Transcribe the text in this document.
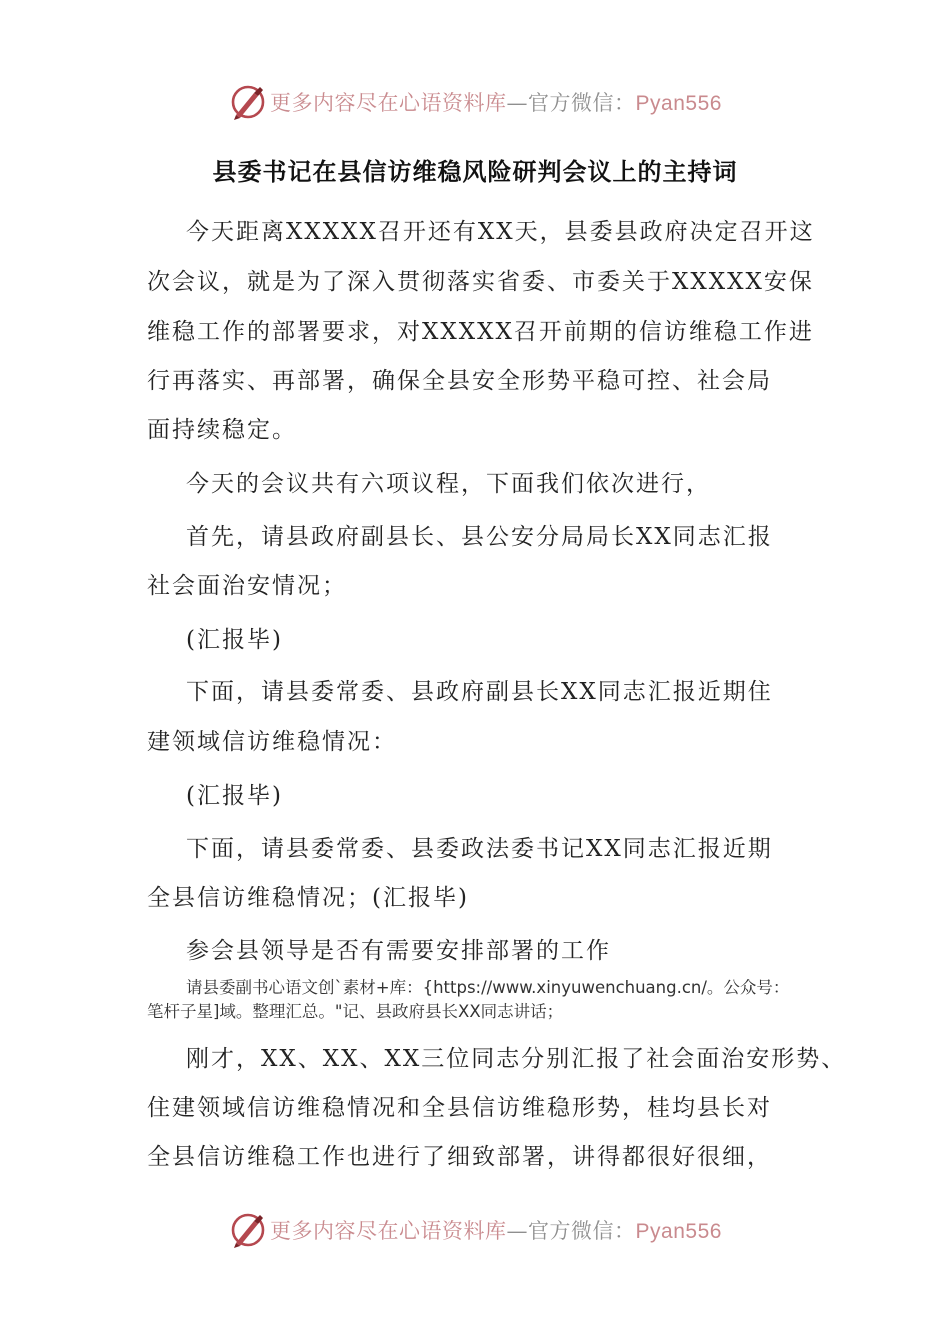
更多内容尽在心语资料库—官方微信：Pyan556
县委书记在县信访维稳风险研判会议上的主持词
今天距离XXXXX召开还有XX天，县委县政府决定召开这
次会议，就是为了深入贯彻落实省委、市委关于XXXXX安保
维稳工作的部署要求，对XXXXX召开前期的信访维稳工作进
行再落实、再部署，确保全县安全形势平稳可控、社会局
面持续稳定。
今天的会议共有六项议程，下面我们依次进行，
首先，请县政府副县长、县公安分局局长XX同志汇报
社会面治安情况；
(汇报毕)
下面，请县委常委、县政府副县长XX同志汇报近期住
建领域信访维稳情况：
(汇报毕)
下面，请县委常委、县委政法委书记XX同志汇报近期
全县信访维稳情况；(汇报毕)
参会县领导是否有需要安排部署的工作
请县委副书心语文创`素材+库：{https://www.xinyuwenchuang.cn/。公众号：
笔杆子星]域。整理汇总。"记、县政府县长XX同志讲话；
刚才，XX、XX、XX三位同志分别汇报了社会面治安形势、
住建领域信访维稳情况和全县信访维稳形势，桂均县长对
全县信访维稳工作也进行了细致部署，讲得都很好很细，
更多内容尽在心语资料库—官方微信：Pyan556
